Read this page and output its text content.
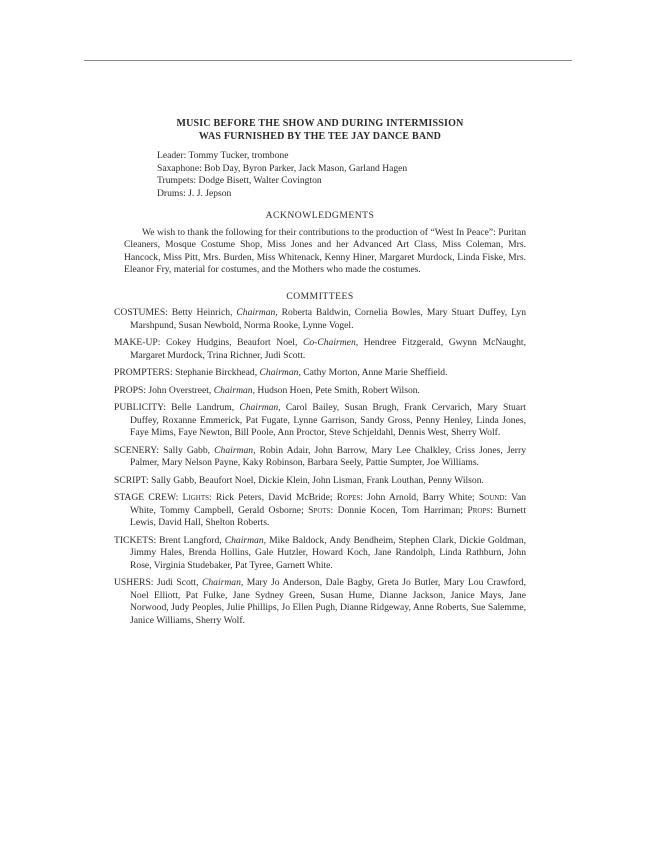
MUSIC BEFORE THE SHOW AND DURING INTERMISSION
WAS FURNISHED BY THE TEE JAY DANCE BAND

Leader: Tommy Tucker, trombone
Saxaphone: Bob Day, Byron Parker, Jack Mason, Garland Hagen
Trumpets: Dodge Bisett, Walter Covington
Drums: J. J. Jepson

ACKNOWLEDGMENTS

We wish to thank the following for their contributions to the production of “West In Peace”: Puritan Cleaners, Mosque Costume Shop, Miss Jones and her Advanced Art Class, Miss Coleman, Mrs. Hancock, Miss Pitt, Mrs. Burden, Miss Whitenack, Kenny Hiner, Margaret Murdock, Linda Fiske, Mrs. Eleanor Fry, material for costumes, and the Mothers who made the costumes.

COMMITTEES

COSTUMES: Betty Heinrich, Chairman, Roberta Baldwin, Cornelia Bowles, Mary Stuart Duffey, Lyn Marshpund, Susan Newbold, Norma Rooke, Lynne Vogel.

MAKE-UP: Cokey Hudgins, Beaufort Noel, Co-Chairmen, Hendree Fitzgerald, Gwynn McNaught, Margaret Murdock, Trina Richner, Judi Scott.

PROMPTERS: Stephanie Birckhead, Chairman, Cathy Morton, Anne Marie Sheffield.

PROPS: John Overstreet, Chairman, Hudson Hoen, Pete Smith, Robert Wilson.

PUBLICITY: Belle Landrum, Chairman, Carol Bailey, Susan Brugh, Frank Cervarich, Mary Stuart Duffey, Roxanne Emmerick, Pat Fugate, Lynne Garrison, Sandy Gross, Penny Henley, Linda Jones, Faye Mims, Faye Newton, Bill Poole, Ann Proctor, Steve Schjeldahl, Dennis West, Sherry Wolf.

SCENERY: Sally Gabb, Chairman, Robin Adair, John Barrow, Mary Lee Chalkley, Criss Jones, Jerry Palmer, Mary Nelson Payne, Kaky Robinson, Barbara Seely, Pattie Sumpter, Joe Williams.

SCRIPT: Sally Gabb, Beaufort Noel, Dickie Klein, John Lisman, Frank Louthan, Penny Wilson.

STAGE CREW: Lights: Rick Peters, David McBride; Ropes: John Arnold, Barry White; Sound: Van White, Tommy Campbell, Gerald Osborne; Spots: Donnie Kocen, Tom Harriman; Props: Burnett Lewis, David Hall, Shelton Roberts.

TICKETS: Brent Langford, Chairman, Mike Baldock, Andy Bendheim, Stephen Clark, Dickie Goldman, Jimmy Hales, Brenda Hollins, Gale Hutzler, Howard Koch, Jane Randolph, Linda Rathburn, John Rose, Virginia Studebaker, Pat Tyree, Garnett White.

USHERS: Judi Scott, Chairman, Mary Jo Anderson, Dale Bagby, Greta Jo Butler, Mary Lou Crawford, Noel Elliott, Pat Fulke, Jane Sydney Green, Susan Hume, Dianne Jackson, Janice Mays, Jane Norwood, Judy Peoples, Julie Phillips, Jo Ellen Pugh, Dianne Ridgeway, Anne Roberts, Sue Salemme, Janice Williams, Sherry Wolf.
